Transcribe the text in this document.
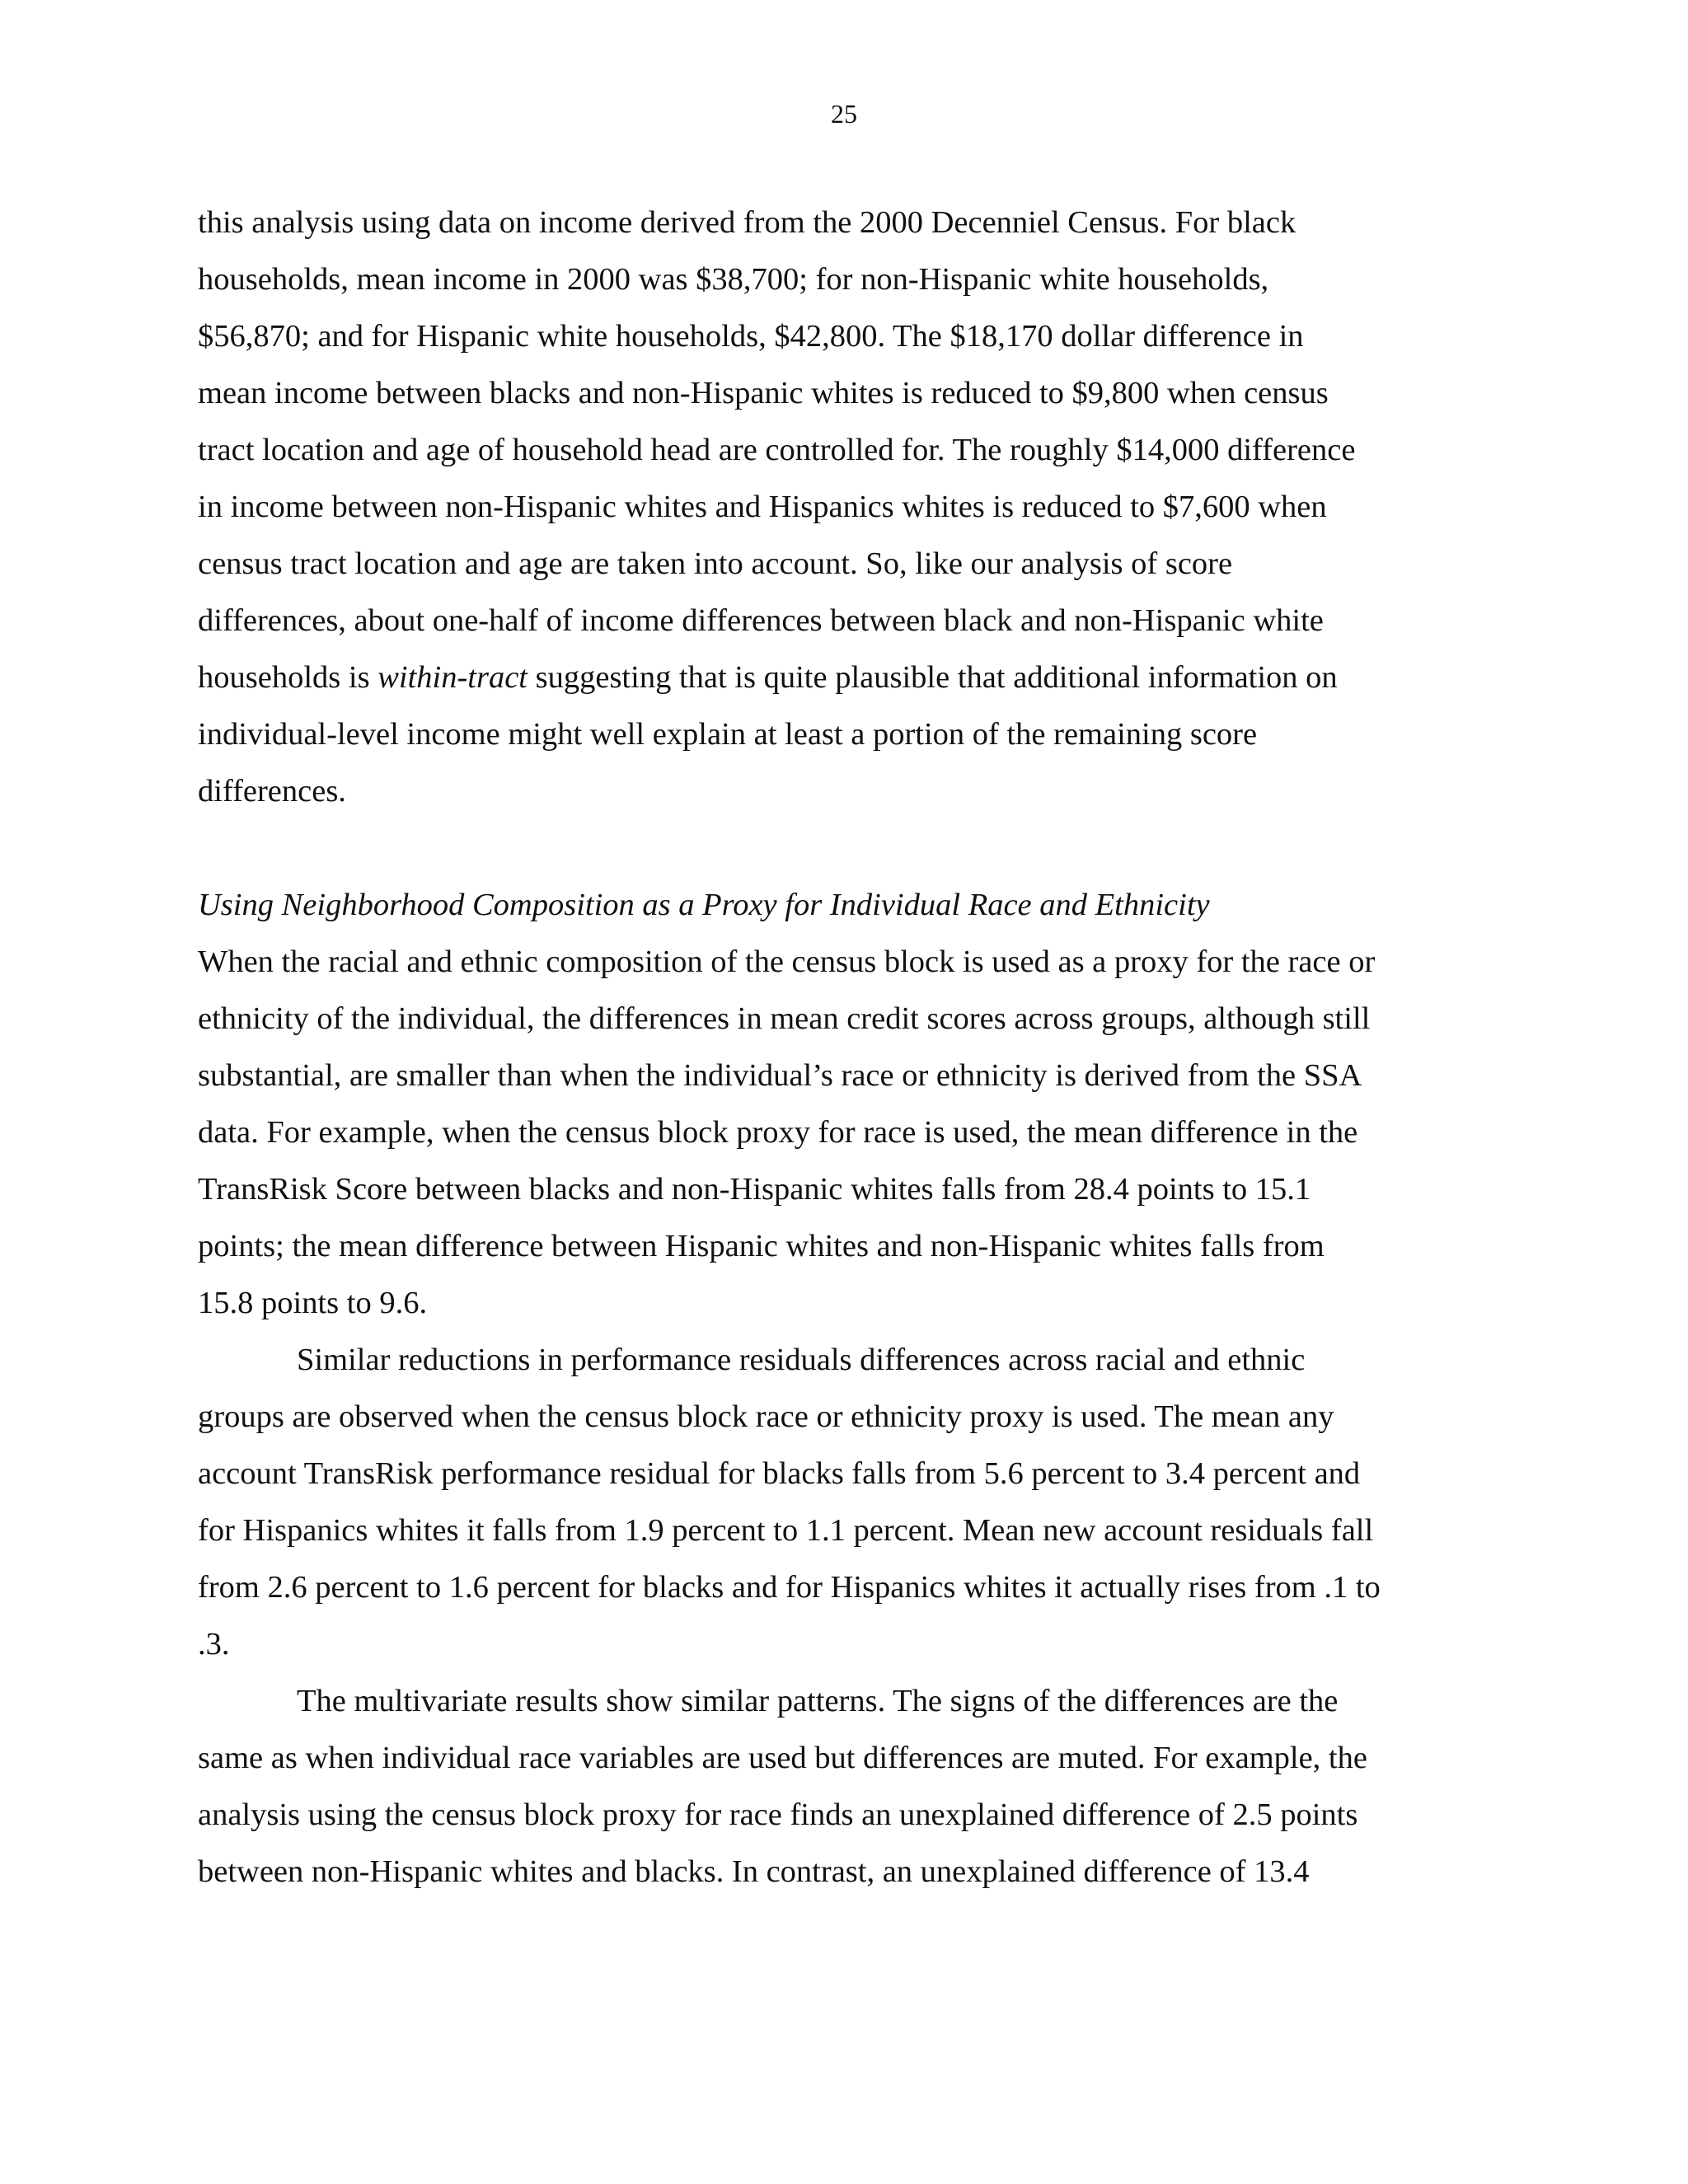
25
this analysis using data on income derived from the 2000 Decenniel Census. For black
households, mean income in 2000 was $38,700; for non-Hispanic white households,
$56,870; and for Hispanic white households, $42,800. The $18,170 dollar difference in
mean income between blacks and non-Hispanic whites is reduced to $9,800 when census
tract location and age of household head are controlled for. The roughly $14,000 difference
in income between non-Hispanic whites and Hispanics whites is reduced to $7,600 when
census tract location and age are taken into account. So, like our analysis of score
differences, about one-half of income differences between black and non-Hispanic white
households is within-tract suggesting that is quite plausible that additional information on
individual-level income might well explain at least a portion of the remaining score
differences.
Using Neighborhood Composition as a Proxy for Individual Race and Ethnicity
When the racial and ethnic composition of the census block is used as a proxy for the race or
ethnicity of the individual, the differences in mean credit scores across groups, although still
substantial, are smaller than when the individual’s race or ethnicity is derived from the SSA
data. For example, when the census block proxy for race is used, the mean difference in the
TransRisk Score between blacks and non-Hispanic whites falls from 28.4 points to 15.1
points; the mean difference between Hispanic whites and non-Hispanic whites falls from
15.8 points to 9.6.
Similar reductions in performance residuals differences across racial and ethnic
groups are observed when the census block race or ethnicity proxy is used. The mean any
account TransRisk performance residual for blacks falls from 5.6 percent to 3.4 percent and
for Hispanics whites it falls from 1.9 percent to 1.1 percent. Mean new account residuals fall
from 2.6 percent to 1.6 percent for blacks and for Hispanics whites it actually rises from .1 to
.3.
The multivariate results show similar patterns. The signs of the differences are the
same as when individual race variables are used but differences are muted. For example, the
analysis using the census block proxy for race finds an unexplained difference of 2.5 points
between non-Hispanic whites and blacks. In contrast, an unexplained difference of 13.4
